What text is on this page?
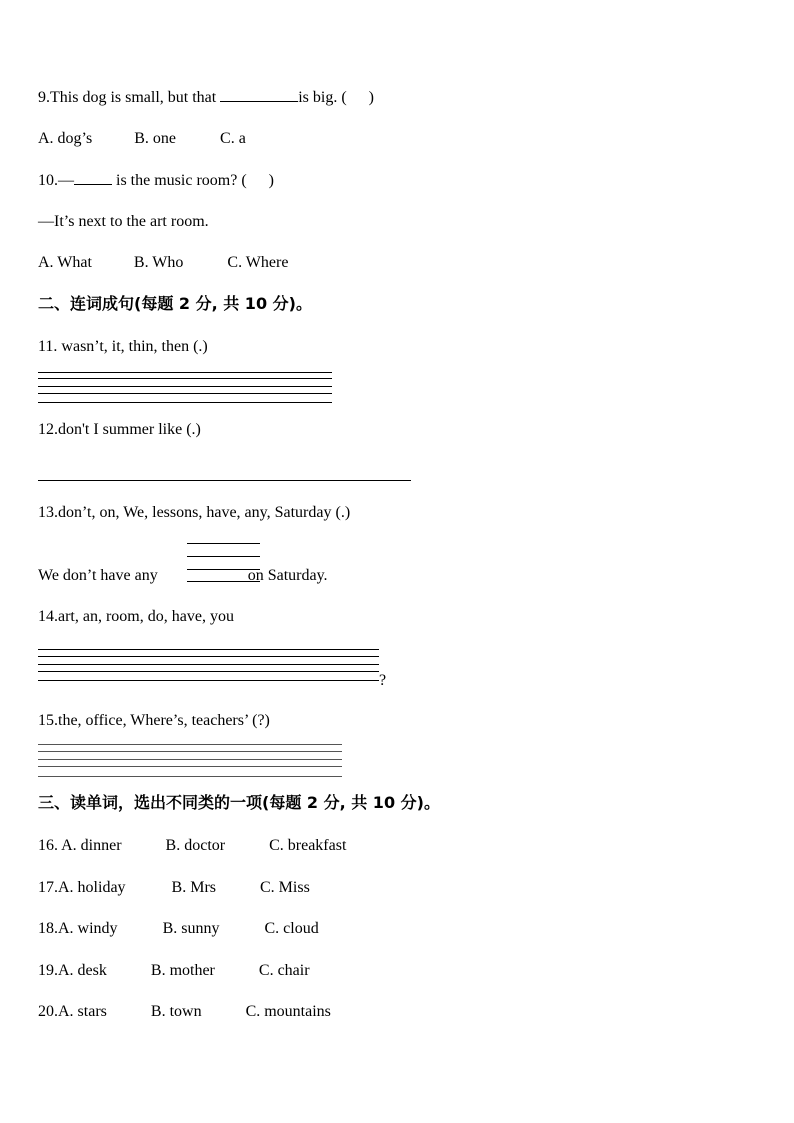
9.This dog is small, but that	is big. ( )
A. dog’s	B. one	C. a
10.— is the music room? ( )
—It’s next to the art room.
A. What	B. Who	C. Where
二、连词成句(每题 2 分, 共 10 分)。
11. wasn’t, it, thin, then (.)
12.don't I summer like (.)
13.don’t, on, We, lessons, have, any, Saturday (.)
We don’t have any	on Saturday.
14.art, an, room, do, have, you
?
15.the, office, Where’s, teachers’ (?)
三、读单词，选出不同类的一项(每题 2 分, 共 10 分)。
16. A. dinner	B. doctor	C. breakfast
17.A. holiday	B. Mrs	C. Miss
18.A. windy	B. sunny	C. cloud
19.A. desk	B. mother	C. chair
20.A. stars	B. town	C. mountains
